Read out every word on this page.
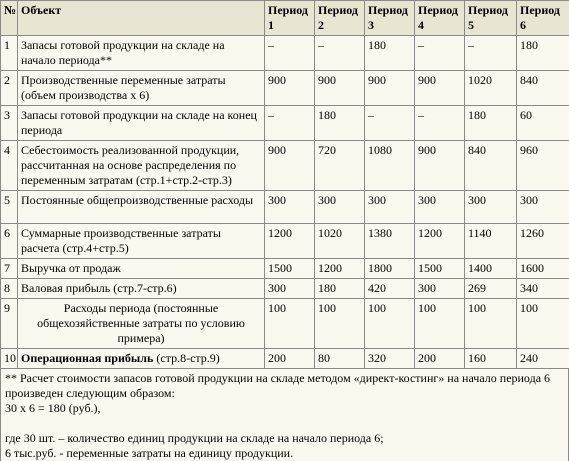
№	Объект	Период 1	Период 2	Период 3	Период 4	Период 5	Период 6
1	Запасы готовой продукции на складе на начало периода**	–	–	180	–	–	180
2	Производственные переменные затраты (объем производства х 6)	900	900	900	900	1020	840
3	Запасы готовой продукции на складе на конец периода	–	180	–	–	180	60
4	Себестоимость реализованной продукции, рассчитанная на основе распределения по переменным затратам (стр.1+стр.2-стр.3)	900	720	1080	900	840	960
5	Постоянные общепроизводственные расходы	300	300	300	300	300	300
6	Суммарные производственные затраты расчета (стр.4+стр.5)	1200	1020	1380	1200	1140	1260
7	Выручка от продаж	1500	1200	1800	1500	1400	1600
8	Валовая прибыль (стр.7-стр.6)	300	180	420	300	269	340
9	Расходы периода (постоянные общехозяйственные затраты по условию примера)	100	100	100	100	100	100
10	Операционная прибыль (стр.8-стр.9)	200	80	320	200	160	240

** Расчет стоимости запасов готовой продукции на складе методом «директ-костинг» на начало периода 6 произведен следующим образом:

30 х 6 = 180 (руб.),

где 30 шт. – количество единиц продукции на складе на начало периода 6;

6 тыс.руб. - переменные затраты на единицу продукции.
